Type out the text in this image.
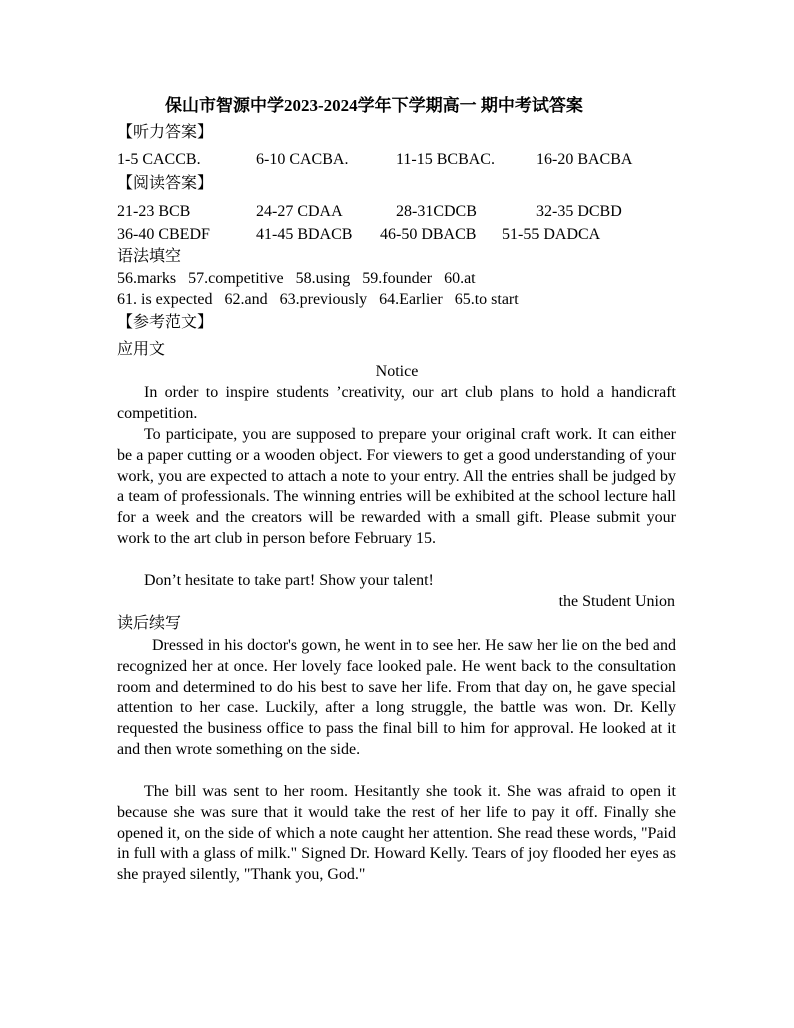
保山市智源中学2023-2024学年下学期高一 期中考试答案
【听力答案】
1-5 CACCB.	6-10 CACBA.	11-15 BCBAC.	16-20 BACBA
【阅读答案】
21-23 BCB	24-27 CDAA	28-31CDCB	32-35 DCBD
36-40 CBEDF	41-45 BDACB 46-50 DBACB 51-55 DADCA
语法填空
56.marks   57.competitive   58.using   59.founder   60.at
61. is expected   62.and   63.previously   64.Earlier   65.to start
【参考范文】
应用文
Notice
In order to inspire students ’creativity, our art club plans to hold a handicraft competition.
To participate, you are supposed to prepare your original craft work. It can either be a paper cutting or a wooden object. For viewers to get a good understanding of your work, you are expected to attach a note to your entry. All the entries shall be judged by a team of professionals. The winning entries will be exhibited at the school lecture hall for a week and the creators will be rewarded with a small gift. Please submit your work to the art club in person before February 15.
Don’t hesitate to take part! Show your talent!
the Student Union
读后续写
Dressed in his doctor's gown, he went in to see her. He saw her lie on the bed and recognized her at once. Her lovely face looked pale. He went back to the consultation room and determined to do his best to save her life. From that day on, he gave special attention to her case. Luckily, after a long struggle, the battle was won. Dr. Kelly requested the business office to pass the final bill to him for approval. He looked at it and then wrote something on the side.
The bill was sent to her room. Hesitantly she took it. She was afraid to open it because she was sure that it would take the rest of her life to pay it off. Finally she opened it, on the side of which a note caught her attention. She read these words, "Paid in full with a glass of milk." Signed Dr. Howard Kelly. Tears of joy flooded her eyes as she prayed silently, "Thank you, God."
